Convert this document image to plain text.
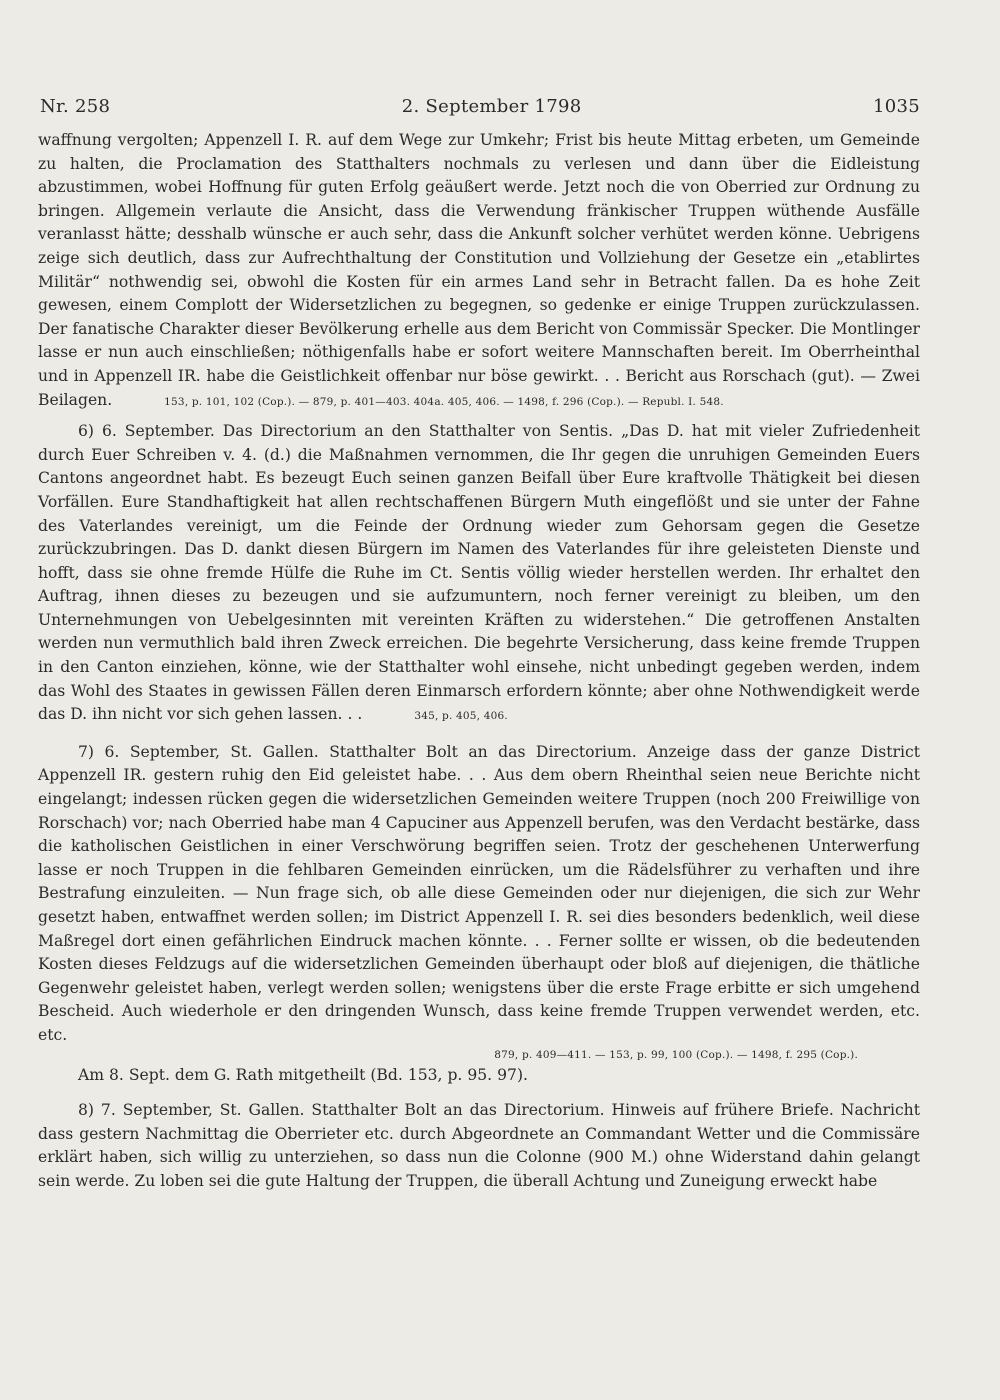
Nr. 258	2. September 1798	1035

waffnung vergolten; Appenzell I. R. auf dem Wege zur Umkehr; Frist bis heute Mittag erbeten, um Gemeinde zu halten, die Proclamation des Statthalters nochmals zu verlesen und dann über die Eidleistung abzustimmen, wobei Hoffnung für guten Erfolg geäußert werde. Jetzt noch die von Oberried zur Ordnung zu bringen. Allgemein verlaute die Ansicht, dass die Verwendung fränkischer Truppen wüthende Ausfälle veranlasst hätte; desshalb wünsche er auch sehr, dass die Ankunft solcher verhütet werden könne. Uebrigens zeige sich deutlich, dass zur Aufrechthaltung der Constitution und Vollziehung der Gesetze ein „etablirtes Militär“ nothwendig sei, obwohl die Kosten für ein armes Land sehr in Betracht fallen. Da es hohe Zeit gewesen, einem Complott der Widersetzlichen zu begegnen, so gedenke er einige Truppen zurückzulassen. Der fanatische Charakter dieser Bevölkerung erhelle aus dem Bericht von Commissär Specker. Die Montlinger lasse er nun auch einschließen; nöthigenfalls habe er sofort weitere Mannschaften bereit. Im Oberrheinthal und in Appenzell IR. habe die Geistlichkeit offenbar nur böse gewirkt. . . Bericht aus Rorschach (gut). — Zwei Beilagen.	153, p. 101, 102 (Cop.). — 879, p. 401—403. 404a. 405, 406. — 1498, f. 296 (Cop.). — Republ. I. 548.

6) 6. September. Das Directorium an den Statthalter von Sentis. „Das D. hat mit vieler Zufriedenheit durch Euer Schreiben v. 4. (d.) die Maßnahmen vernommen, die Ihr gegen die unruhigen Gemeinden Euers Cantons angeordnet habt. Es bezeugt Euch seinen ganzen Beifall über Eure kraftvolle Thätigkeit bei diesen Vorfällen. Eure Standhaftigkeit hat allen rechtschaffenen Bürgern Muth eingeflößt und sie unter der Fahne des Vaterlandes vereinigt, um die Feinde der Ordnung wieder zum Gehorsam gegen die Gesetze zurückzubringen. Das D. dankt diesen Bürgern im Namen des Vaterlandes für ihre geleisteten Dienste und hofft, dass sie ohne fremde Hülfe die Ruhe im Ct. Sentis völlig wieder herstellen werden. Ihr erhaltet den Auftrag, ihnen dieses zu bezeugen und sie aufzumuntern, noch ferner vereinigt zu bleiben, um den Unternehmungen von Uebelgesinnten mit vereinten Kräften zu widerstehen.“ Die getroffenen Anstalten werden nun vermuthlich bald ihren Zweck erreichen. Die begehrte Versicherung, dass keine fremde Truppen in den Canton einziehen, könne, wie der Statthalter wohl einsehe, nicht unbedingt gegeben werden, indem das Wohl des Staates in gewissen Fällen deren Einmarsch erfordern könnte; aber ohne Nothwendigkeit werde das D. ihn nicht vor sich gehen lassen. . .	345, p. 405, 406.

7) 6. September, St. Gallen. Statthalter Bolt an das Directorium. Anzeige dass der ganze District Appenzell IR. gestern ruhig den Eid geleistet habe. . . Aus dem obern Rheinthal seien neue Berichte nicht eingelangt; indessen rücken gegen die widersetzlichen Gemeinden weitere Truppen (noch 200 Freiwillige von Rorschach) vor; nach Oberried habe man 4 Capuciner aus Appenzell berufen, was den Verdacht bestärke, dass die katholischen Geistlichen in einer Verschwörung begriffen seien. Trotz der geschehenen Unterwerfung lasse er noch Truppen in die fehlbaren Gemeinden einrücken, um die Rädelsführer zu verhaften und ihre Bestrafung einzuleiten. — Nun frage sich, ob alle diese Gemeinden oder nur diejenigen, die sich zur Wehr gesetzt haben, entwaffnet werden sollen; im District Appenzell I. R. sei dies besonders bedenklich, weil diese Maßregel dort einen gefährlichen Eindruck machen könnte. . . Ferner sollte er wissen, ob die bedeutenden Kosten dieses Feldzugs auf die widersetzlichen Gemeinden überhaupt oder bloß auf diejenigen, die thätliche Gegenwehr geleistet haben, verlegt werden sollen; wenigstens über die erste Frage erbitte er sich umgehend Bescheid. Auch wiederhole er den dringenden Wunsch, dass keine fremde Truppen verwendet werden, etc. etc.

879, p. 409—411. — 153, p. 99, 100 (Cop.). — 1498, f. 295 (Cop.).

Am 8. Sept. dem G. Rath mitgetheilt (Bd. 153, p. 95. 97).

8) 7. September, St. Gallen. Statthalter Bolt an das Directorium. Hinweis auf frühere Briefe. Nachricht dass gestern Nachmittag die Oberrieter etc. durch Abgeordnete an Commandant Wetter und die Commissäre erklärt haben, sich willig zu unterziehen, so dass nun die Colonne (900 M.) ohne Widerstand dahin gelangt sein werde. Zu loben sei die gute Haltung der Truppen, die überall Achtung und Zuneigung erweckt habe
